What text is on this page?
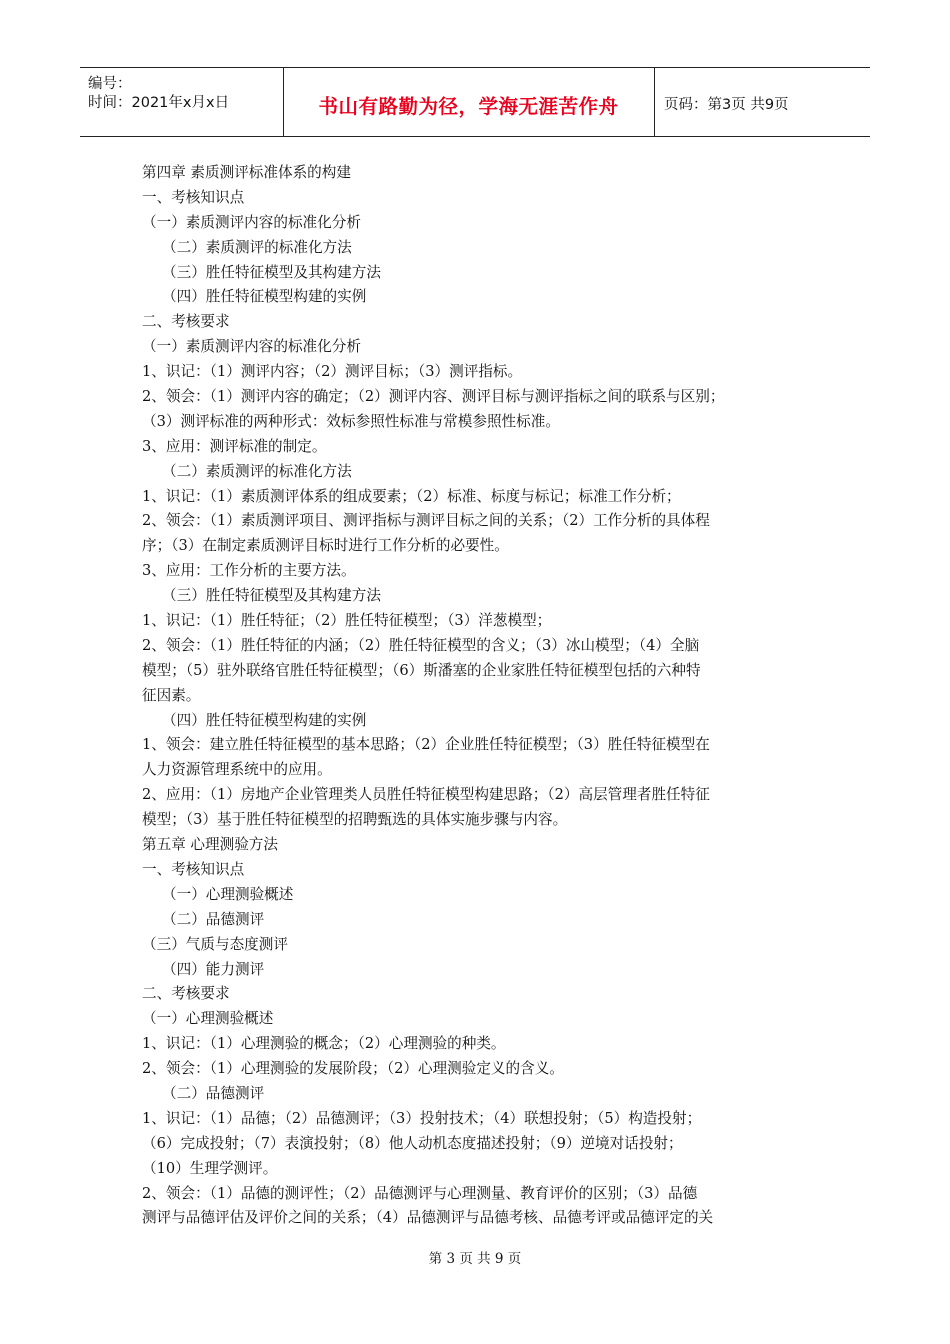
编号：
时间：2021年x月x日	书山有路勤为径，学海无涯苦作舟	页码：第3页 共9页
第四章 素质测评标准体系的构建
一、考核知识点
（一）素质测评内容的标准化分析
（二）素质测评的标准化方法
（三）胜任特征模型及其构建方法
（四）胜任特征模型构建的实例
二、考核要求
（一）素质测评内容的标准化分析
1、识记：（1）测评内容；（2）测评目标；（3）测评指标。
2、领会：（1）测评内容的确定；（2）测评内容、测评目标与测评指标之间的联系与区别；
（3）测评标准的两种形式：效标参照性标准与常模参照性标准。
3、应用：测评标准的制定。
（二）素质测评的标准化方法
1、识记：（1）素质测评体系的组成要素；（2）标准、标度与标记；标准工作分析；
2、领会：（1）素质测评项目、测评指标与测评目标之间的关系；（2）工作分析的具体程
序；（3）在制定素质测评目标时进行工作分析的必要性。
3、应用：工作分析的主要方法。
（三）胜任特征模型及其构建方法
1、识记：（1）胜任特征；（2）胜任特征模型；（3）洋葱模型；
2、领会：（1）胜任特征的内涵；（2）胜任特征模型的含义；（3）冰山模型；（4）全脑
模型；（5）驻外联络官胜任特征模型；（6）斯潘塞的企业家胜任特征模型包括的六种特
征因素。
（四）胜任特征模型构建的实例
1、领会：建立胜任特征模型的基本思路；（2）企业胜任特征模型；（3）胜任特征模型在
人力资源管理系统中的应用。
2、应用：（1）房地产企业管理类人员胜任特征模型构建思路；（2）高层管理者胜任特征
模型；（3）基于胜任特征模型的招聘甄选的具体实施步骤与内容。
第五章 心理测验方法
一、考核知识点
（一）心理测验概述
（二）品德测评
（三）气质与态度测评
（四）能力测评
二、考核要求
（一）心理测验概述
1、识记：（1）心理测验的概念；（2）心理测验的种类。
2、领会：（1）心理测验的发展阶段；（2）心理测验定义的含义。
（二）品德测评
1、识记：（1）品德；（2）品德测评；（3）投射技术；（4）联想投射；（5）构造投射；
（6）完成投射；（7）表演投射；（8）他人动机态度描述投射；（9）逆境对话投射；
（10）生理学测评。
2、领会：（1）品德的测评性；（2）品德测评与心理测量、教育评价的区别；（3）品德
测评与品德评估及评价之间的关系；（4）品德测评与品德考核、品德考评或品德评定的关
第 3 页 共 9 页
